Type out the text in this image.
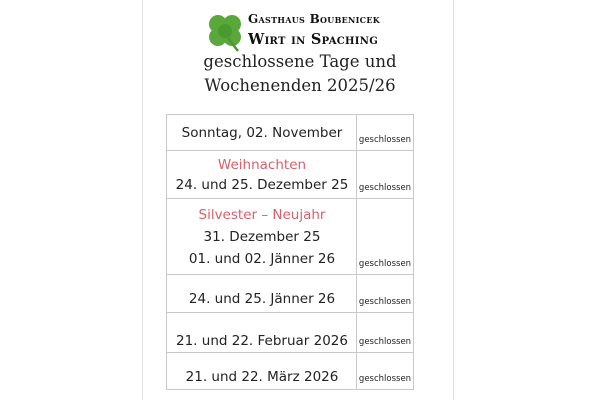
Gasthaus Boubenicek
Wirt in Spaching
geschlossene Tage und
Wochenenden 2025/26
Sonntag, 02. November	geschlossen
Weihnachten
24. und 25. Dezember 25	geschlossen
Silvester – Neujahr
31. Dezember 25
01. und 02. Jänner 26	geschlossen
24. und 25. Jänner 26	geschlossen
21. und 22. Februar 2026	geschlossen
21. und 22. März 2026	geschlossen
